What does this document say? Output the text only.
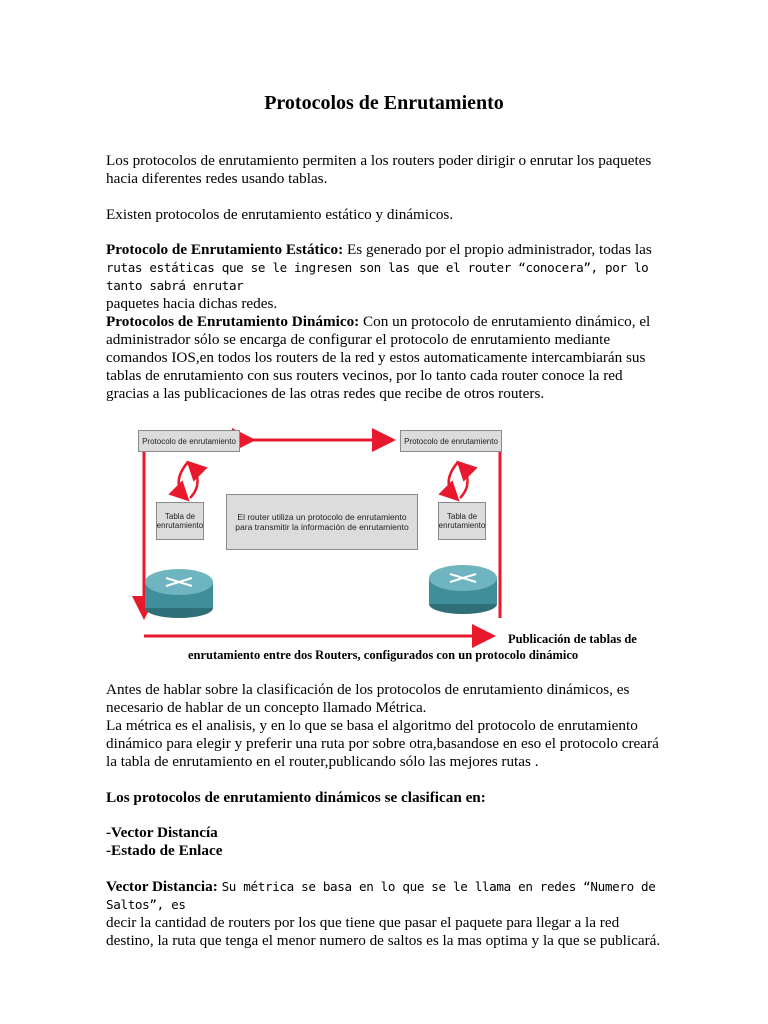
Protocolos de Enrutamiento
Los protocolos de enrutamiento permiten a los routers poder dirigir o enrutar los paquetes hacia diferentes redes usando tablas.
Existen protocolos de enrutamiento estático y dinámicos.
Protocolo de Enrutamiento Estático: Es generado por el propio administrador, todas las
rutas estáticas que se le ingresen son las que el router “conocera”, por lo tanto sabrá enrutar
paquetes hacia dichas redes.
Protocolos de Enrutamiento Dinámico: Con un protocolo de enrutamiento dinámico, el administrador sólo se encarga de configurar el protocolo de enrutamiento mediante comandos IOS,en todos los routers de la red y estos automaticamente intercambiarán sus tablas de enrutamiento con sus routers vecinos, por lo tanto cada router conoce la red gracias a las publicaciones de las otras redes que recibe de otros routers.
Protocolo de enrutamiento	Protocolo de enrutamiento
Tabla de enrutamiento
Tabla de enrutamiento
El router utiliza un protocolo de enrutamiento para transmitir la información de enrutamiento
Publicación de tablas de
enrutamiento entre dos Routers, configurados con un protocolo dinámico
Antes de hablar sobre la clasificación de los protocolos de enrutamiento dinámicos, es necesario de hablar de un concepto llamado Métrica.
La métrica es el analisis, y en lo que se basa el algoritmo del protocolo de enrutamiento dinámico para elegir y preferir una ruta por sobre otra,basandose en eso el protocolo creará la tabla de enrutamiento en el router,publicando sólo las mejores rutas .
Los protocolos de enrutamiento dinámicos se clasifican en:
-Vector Distancía
-Estado de Enlace
Vector Distancia: Su métrica se basa en lo que se le llama en redes “Numero de Saltos”, es
decir la cantidad de routers por los que tiene que pasar el paquete para llegar a la red destino, la ruta que tenga el menor numero de saltos es la mas optima y la que se publicará.
